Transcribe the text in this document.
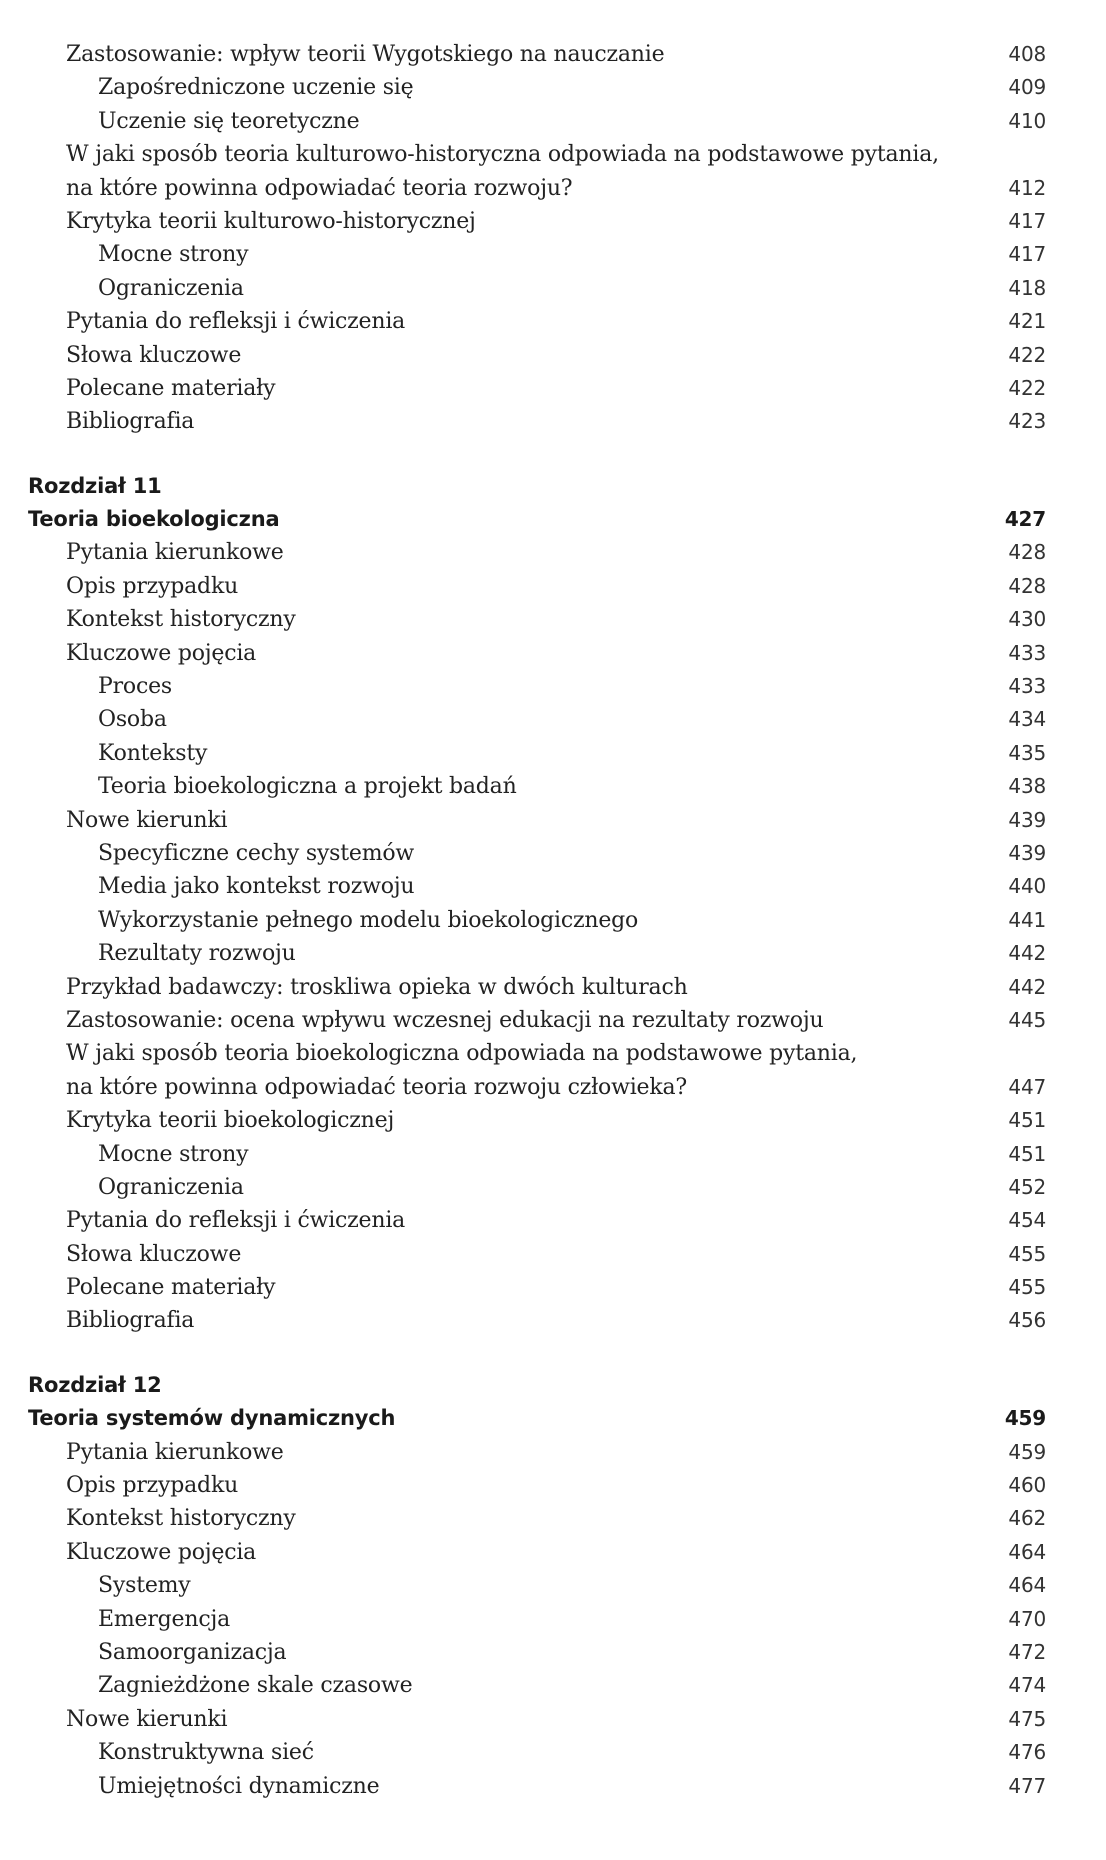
Zastosowanie: wpływ teorii Wygotskiego na nauczanie	408
Zapośredniczone uczenie się	409
Uczenie się teoretyczne	410
W jaki sposób teoria kulturowo-historyczna odpowiada na podstawowe pytania,
na które powinna odpowiadać teoria rozwoju?	412
Krytyka teorii kulturowo-historycznej	417
Mocne strony	417
Ograniczenia	418
Pytania do refleksji i ćwiczenia	421
Słowa kluczowe	422
Polecane materiały	422
Bibliografia	423
Rozdział 11
Teoria bioekologiczna	427
Pytania kierunkowe	428
Opis przypadku	428
Kontekst historyczny	430
Kluczowe pojęcia	433
Proces	433
Osoba	434
Konteksty	435
Teoria bioekologiczna a projekt badań	438
Nowe kierunki	439
Specyficzne cechy systemów	439
Media jako kontekst rozwoju	440
Wykorzystanie pełnego modelu bioekologicznego	441
Rezultaty rozwoju	442
Przykład badawczy: troskliwa opieka w dwóch kulturach	442
Zastosowanie: ocena wpływu wczesnej edukacji na rezultaty rozwoju	445
W jaki sposób teoria bioekologiczna odpowiada na podstawowe pytania,
na które powinna odpowiadać teoria rozwoju człowieka?	447
Krytyka teorii bioekologicznej	451
Mocne strony	451
Ograniczenia	452
Pytania do refleksji i ćwiczenia	454
Słowa kluczowe	455
Polecane materiały	455
Bibliografia	456
Rozdział 12
Teoria systemów dynamicznych	459
Pytania kierunkowe	459
Opis przypadku	460
Kontekst historyczny	462
Kluczowe pojęcia	464
Systemy	464
Emergencja	470
Samoorganizacja	472
Zagnieżdżone skale czasowe	474
Nowe kierunki	475
Konstruktywna sieć	476
Umiejętności dynamiczne	477
